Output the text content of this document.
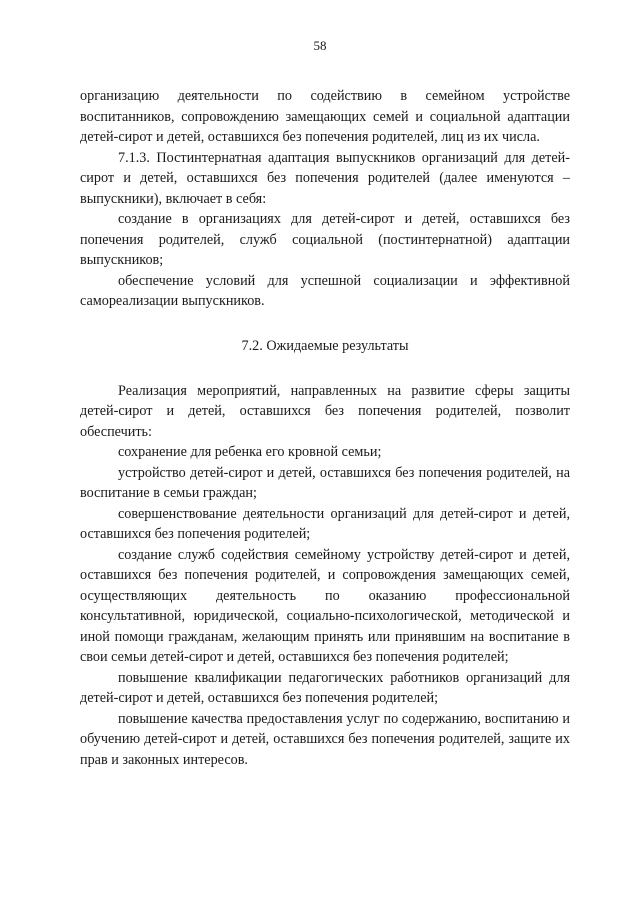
58

организацию деятельности по содействию в семейном устройстве воспитанников, сопровождению замещающих семей и социальной адаптации детей-сирот и детей, оставшихся без попечения родителей, лиц из их числа.

7.1.3. Постинтернатная адаптация выпускников организаций для детей-сирот и детей, оставшихся без попечения родителей (далее именуются – выпускники), включает в себя:

создание в организациях для детей-сирот и детей, оставшихся без попечения родителей, служб социальной (постинтернатной) адаптации выпускников;

обеспечение условий для успешной социализации и эффективной самореализации выпускников.

7.2. Ожидаемые результаты

Реализация мероприятий, направленных на развитие сферы защиты детей-сирот и детей, оставшихся без попечения родителей, позволит обеспечить:

сохранение для ребенка его кровной семьи;

устройство детей-сирот и детей, оставшихся без попечения родителей, на воспитание в семьи граждан;

совершенствование деятельности организаций для детей-сирот и детей, оставшихся без попечения родителей;

создание служб содействия семейному устройству детей-сирот и детей, оставшихся без попечения родителей, и сопровождения замещающих семей, осуществляющих деятельность по оказанию профессиональной консультативной, юридической, социально-психологической, методической и иной помощи гражданам, желающим принять или принявшим на воспитание в свои семьи детей-сирот и детей, оставшихся без попечения родителей;

повышение квалификации педагогических работников организаций для детей-сирот и детей, оставшихся без попечения родителей;

повышение качества предоставления услуг по содержанию, воспитанию и обучению детей-сирот и детей, оставшихся без попечения родителей, защите их прав и законных интересов.
